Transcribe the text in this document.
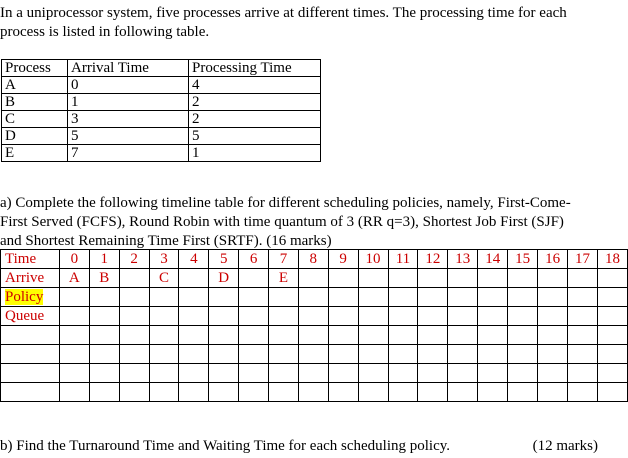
In a uniprocessor system, five processes arrive at different times. The processing time for each
process is listed in following table.
Process	Arrival Time	Processing Time
A	0	4
B	1	2
C	3	2
D	5	5
E	7	1
a) Complete the following timeline table for different scheduling policies, namely, First-Come-
First Served (FCFS), Round Robin with time quantum of 3 (RR q=3), Shortest Job First (SJF)
and Shortest Remaining Time First (SRTF). (16 marks)
Time	0	1	2	3	4	5	6	7	8	9	10	11	12	13	14	15	16	17	18
Arrive	A	B		C		D		E											
Policy																			
Queue																			

b) Find the Turnaround Time and Waiting Time for each scheduling policy.	(12 marks)
